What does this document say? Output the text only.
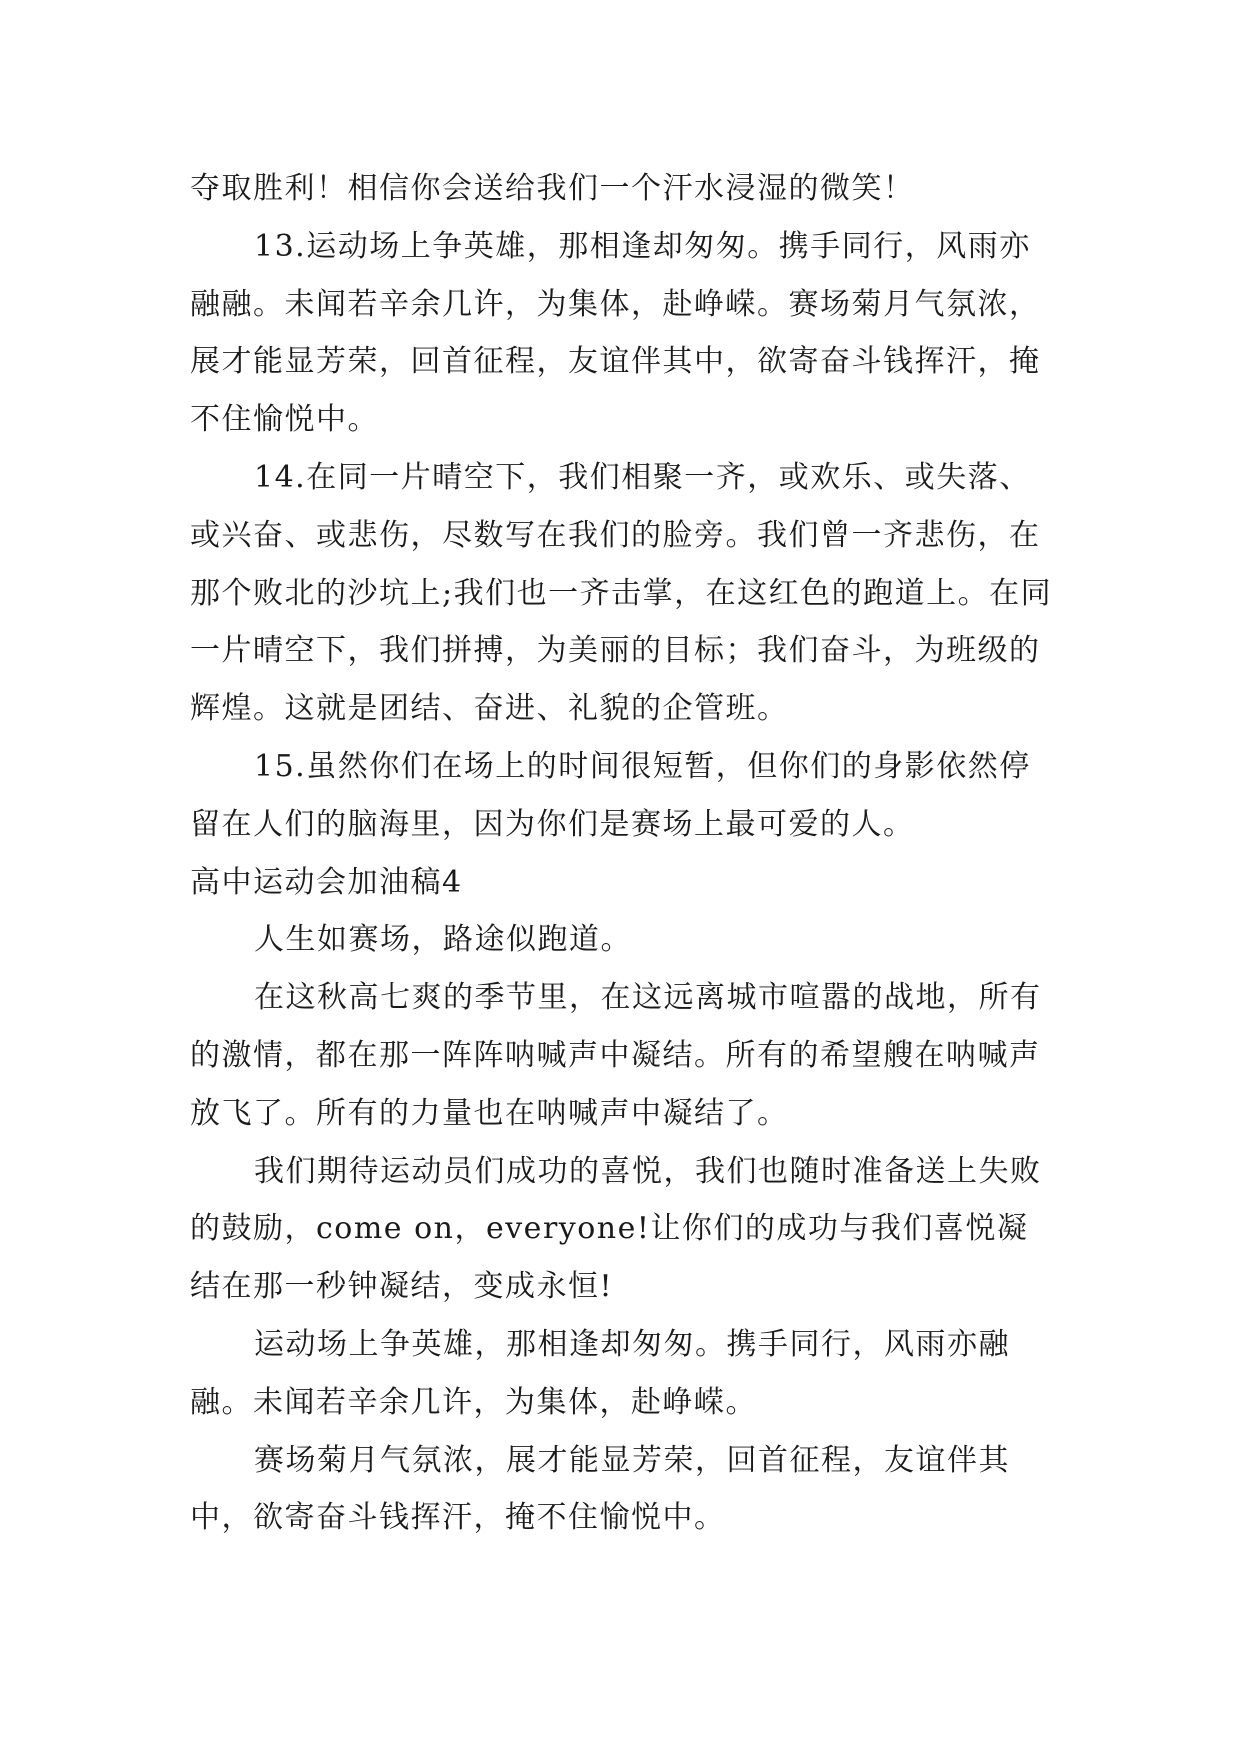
夺取胜利！相信你会送给我们一个汗水浸湿的微笑！

13.运动场上争英雄，那相逢却匆匆。携手同行，风雨亦融融。未闻若辛余几许，为集体，赴峥嵘。赛场菊月气氛浓，展才能显芳荣，回首征程，友谊伴其中，欲寄奋斗钱挥汗，掩不住愉悦中。

14.在同一片晴空下，我们相聚一齐，或欢乐、或失落、或兴奋、或悲伤，尽数写在我们的脸旁。我们曾一齐悲伤，在那个败北的沙坑上;我们也一齐击掌，在这红色的跑道上。在同一片晴空下，我们拼搏，为美丽的目标；我们奋斗，为班级的辉煌。这就是团结、奋进、礼貌的企管班。

15.虽然你们在场上的时间很短暂，但你们的身影依然停留在人们的脑海里，因为你们是赛场上最可爱的人。

高中运动会加油稿4

人生如赛场，路途似跑道。

在这秋高七爽的季节里，在这远离城市喧嚣的战地，所有的激情，都在那一阵阵呐喊声中凝结。所有的希望艘在呐喊声放飞了。所有的力量也在呐喊声中凝结了。

我们期待运动员们成功的喜悦，我们也随时准备送上失败的鼓励，come on，everyone!让你们的成功与我们喜悦凝结在那一秒钟凝结，变成永恒!

运动场上争英雄，那相逢却匆匆。携手同行，风雨亦融融。未闻若辛余几许，为集体，赴峥嵘。

赛场菊月气氛浓，展才能显芳荣，回首征程，友谊伴其中，欲寄奋斗钱挥汗，掩不住愉悦中。
